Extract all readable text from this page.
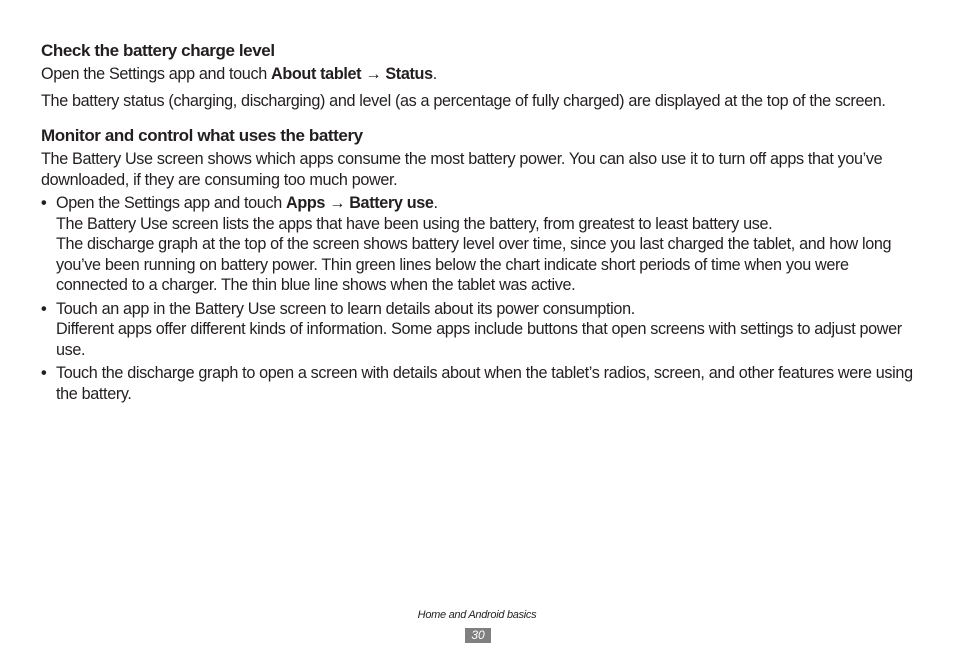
Check the battery charge level

Open the Settings app and touch About tablet → Status.

The battery status (charging, discharging) and level (as a percentage of fully charged) are displayed at the top of the screen.

Monitor and control what uses the battery

The Battery Use screen shows which apps consume the most battery power. You can also use it to turn off apps that you’ve downloaded, if they are consuming too much power.

• Open the Settings app and touch Apps → Battery use.
The Battery Use screen lists the apps that have been using the battery, from greatest to least battery use.
The discharge graph at the top of the screen shows battery level over time, since you last charged the tablet, and how long you’ve been running on battery power. Thin green lines below the chart indicate short periods of time when you were connected to a charger. The thin blue line shows when the tablet was active.
• Touch an app in the Battery Use screen to learn details about its power consumption.
Different apps offer different kinds of information. Some apps include buttons that open screens with settings to adjust power use.
• Touch the discharge graph to open a screen with details about when the tablet’s radios, screen, and other features were using the battery.
Home and Android basics
30
